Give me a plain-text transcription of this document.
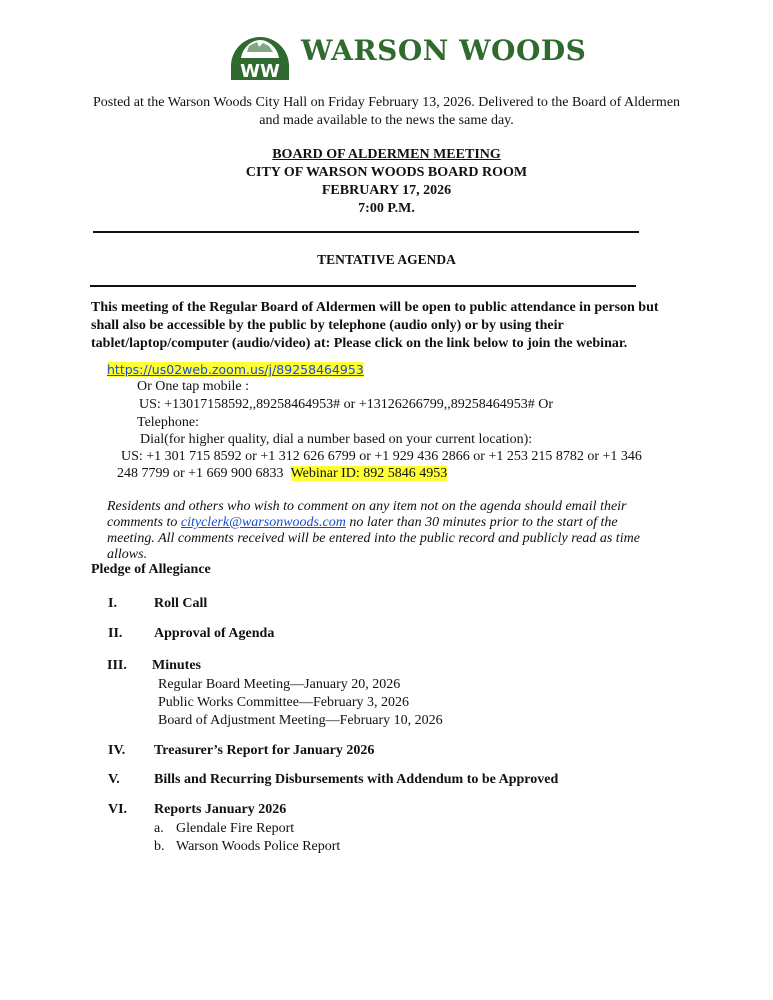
WW
WARSON WOODS
Posted at the Warson Woods City Hall on Friday February 13, 2026. Delivered to the Board of Aldermen
and made available to the news the same day.
BOARD OF ALDERMEN MEETING
CITY OF WARSON WOODS BOARD ROOM
FEBRUARY 17, 2026
7:00 P.M.
TENTATIVE AGENDA
This meeting of the Regular Board of Aldermen will be open to public attendance in person but
shall also be accessible by the public by telephone (audio only) or by using their
tablet/laptop/computer (audio/video) at: Please click on the link below to join the webinar.
https://us02web.zoom.us/j/89258464953
Or One tap mobile :
US: +13017158592,,89258464953# or +13126266799,,89258464953# Or
Telephone:
Dial(for higher quality, dial a number based on your current location):
US: +1 301 715 8592 or +1 312 626 6799 or +1 929 436 2866 or +1 253 215 8782 or +1 346
248 7799 or +1 669 900 6833 Webinar ID: 892 5846 4953
Residents and others who wish to comment on any item not on the agenda should email their
comments to cityclerk@warsonwoods.com no later than 30 minutes prior to the start of the
meeting. All comments received will be entered into the public record and publicly read as time
allows.
Pledge of Allegiance
I.	Roll Call
II. Approval of Agenda
III. Minutes
Regular Board Meeting—January 20, 2026
Public Works Committee—February 3, 2026
Board of Adjustment Meeting—February 10, 2026
IV. Treasurer’s Report for January 2026
V. Bills and Recurring Disbursements with Addendum to be Approved
VI. Reports January 2026
a. Glendale Fire Report
b. Warson Woods Police Report
